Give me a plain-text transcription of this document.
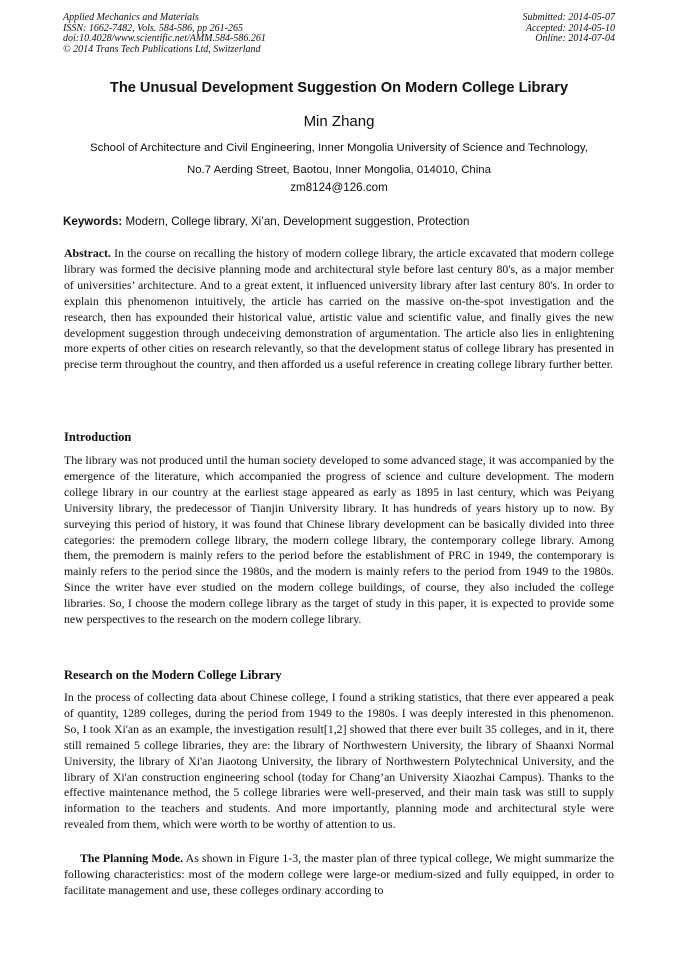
Applied Mechanics and Materials
ISSN: 1662-7482, Vols. 584-586, pp 261-265
doi:10.4028/www.scientific.net/AMM.584-586.261
© 2014 Trans Tech Publications Ltd, Switzerland
Submitted: 2014-05-07
Accepted: 2014-05-10
Online: 2014-07-04
The Unusual Development Suggestion On Modern College Library
Min Zhang
School of Architecture and Civil Engineering, Inner Mongolia University of Science and Technology,
No.7 Aerding Street, Baotou, Inner Mongolia, 014010, China
zm8124@126.com
Keywords: Modern, College library, Xi’an, Development suggestion, Protection
Abstract. In the course on recalling the history of modern college library, the article excavated that modern college library was formed the decisive planning mode and architectural style before last century 80's, as a major member of universities’ architecture. And to a great extent, it influenced university library after last century 80's. In order to explain this phenomenon intuitively, the article has carried on the massive on-the-spot investigation and the research, then has expounded their historical value, artistic value and scientific value, and finally gives the new development suggestion through undeceiving demonstration of argumentation. The article also lies in enlightening more experts of other cities on research relevantly, so that the development status of college library has presented in precise term throughout the country, and then afforded us a useful reference in creating college library further better.
Introduction
The library was not produced until the human society developed to some advanced stage, it was accompanied by the emergence of the literature, which accompanied the progress of science and culture development. The modern college library in our country at the earliest stage appeared as early as 1895 in last century, which was Peiyang University library, the predecessor of Tianjin University library. It has hundreds of years history up to now. By surveying this period of history, it was found that Chinese library development can be basically divided into three categories: the premodern college library, the modern college library, the contemporary college library. Among them, the premodern is mainly refers to the period before the establishment of PRC in 1949, the contemporary is mainly refers to the period since the 1980s, and the modern is mainly refers to the period from 1949 to the 1980s. Since the writer have ever studied on the modern college buildings, of course, they also included the college libraries. So, I choose the modern college library as the target of study in this paper, it is expected to provide some new perspectives to the research on the modern college library.
Research on the Modern College Library
In the process of collecting data about Chinese college, I found a striking statistics, that there ever appeared a peak of quantity, 1289 colleges, during the period from 1949 to the 1980s. I was deeply interested in this phenomenon. So, I took Xi'an as an example, the investigation result[1,2] showed that there ever built 35 colleges, and in it, there still remained 5 college libraries, they are: the library of Northwestern University, the library of Shaanxi Normal University, the library of Xi'an Jiaotong University, the library of Northwestern Polytechnical University, and the library of Xi'an construction engineering school (today for Chang’an University Xiaozhai Campus). Thanks to the effective maintenance method, the 5 college libraries were well-preserved, and their main task was still to supply information to the teachers and students. And more importantly, planning mode and architectural style were revealed from them, which were worth to be worthy of attention to us.
The Planning Mode. As shown in Figure 1-3, the master plan of three typical college, We might summarize the following characteristics: most of the modern college were large-or medium-sized and fully equipped, in order to facilitate management and use, these colleges ordinary according to
